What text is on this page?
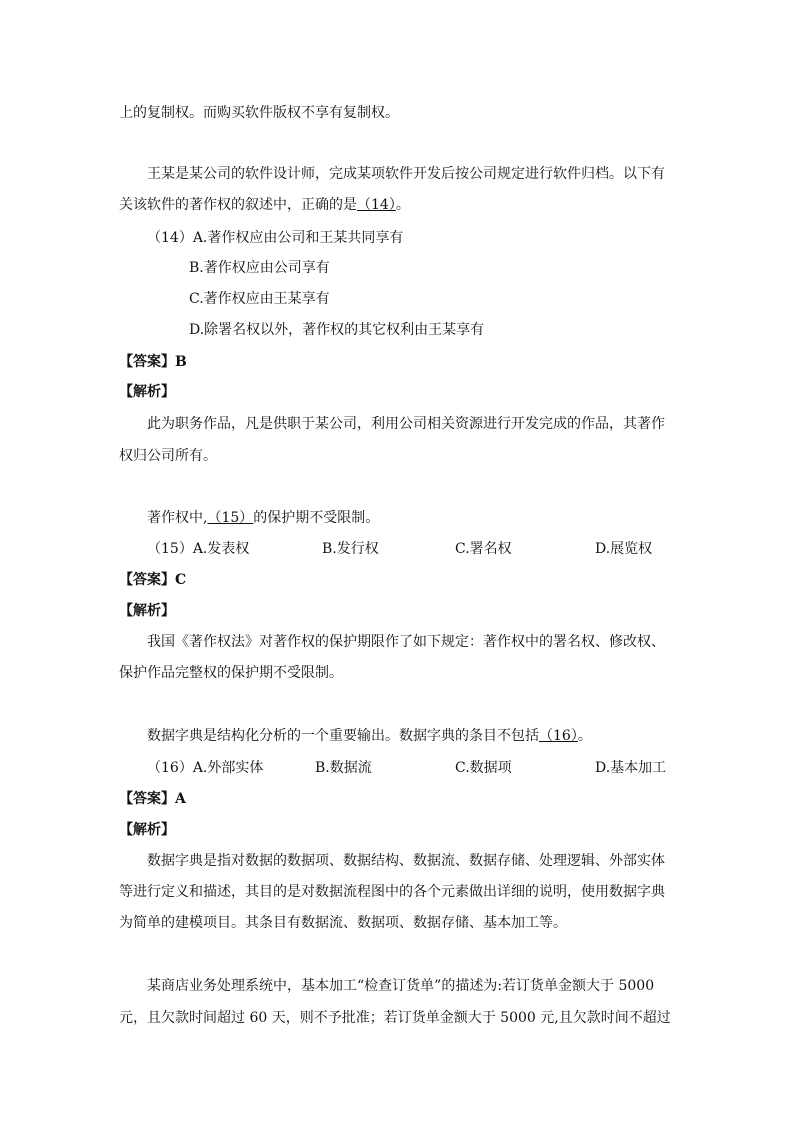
上的复制权。而购买软件版权不享有复制权。
王某是某公司的软件设计师，完成某项软件开发后按公司规定进行软件归档。以下有
关该软件的著作权的叙述中，正确的是（14）。
（14）A.著作权应由公司和王某共同享有
B.著作权应由公司享有
C.著作权应由王某享有
D.除署名权以外，著作权的其它权利由王某享有
【答案】B
【解析】
此为职务作品，凡是供职于某公司，利用公司相关资源进行开发完成的作品，其著作
权归公司所有。
著作权中,（15）的保护期不受限制。
（15）A.发表权	B.发行权	C.署名权	D.展览权
【答案】C
【解析】
我国《著作权法》对著作权的保护期限作了如下规定：著作权中的署名权、修改权、
保护作品完整权的保护期不受限制。
数据字典是结构化分析的一个重要输出。数据字典的条目不包括（16）。
（16）A.外部实体	B.数据流	C.数据项	D.基本加工
【答案】A
【解析】
数据字典是指对数据的数据项、数据结构、数据流、数据存储、处理逻辑、外部实体
等进行定义和描述，其目的是对数据流程图中的各个元素做出详细的说明，使用数据字典
为简单的建模项目。其条目有数据流、数据项、数据存储、基本加工等。
某商店业务处理系统中，基本加工“检查订货单”的描述为:若订货单金额大于 5000
元，且欠款时间超过 60 天，则不予批准；若订货单金额大于 5000 元,且欠款时间不超过
